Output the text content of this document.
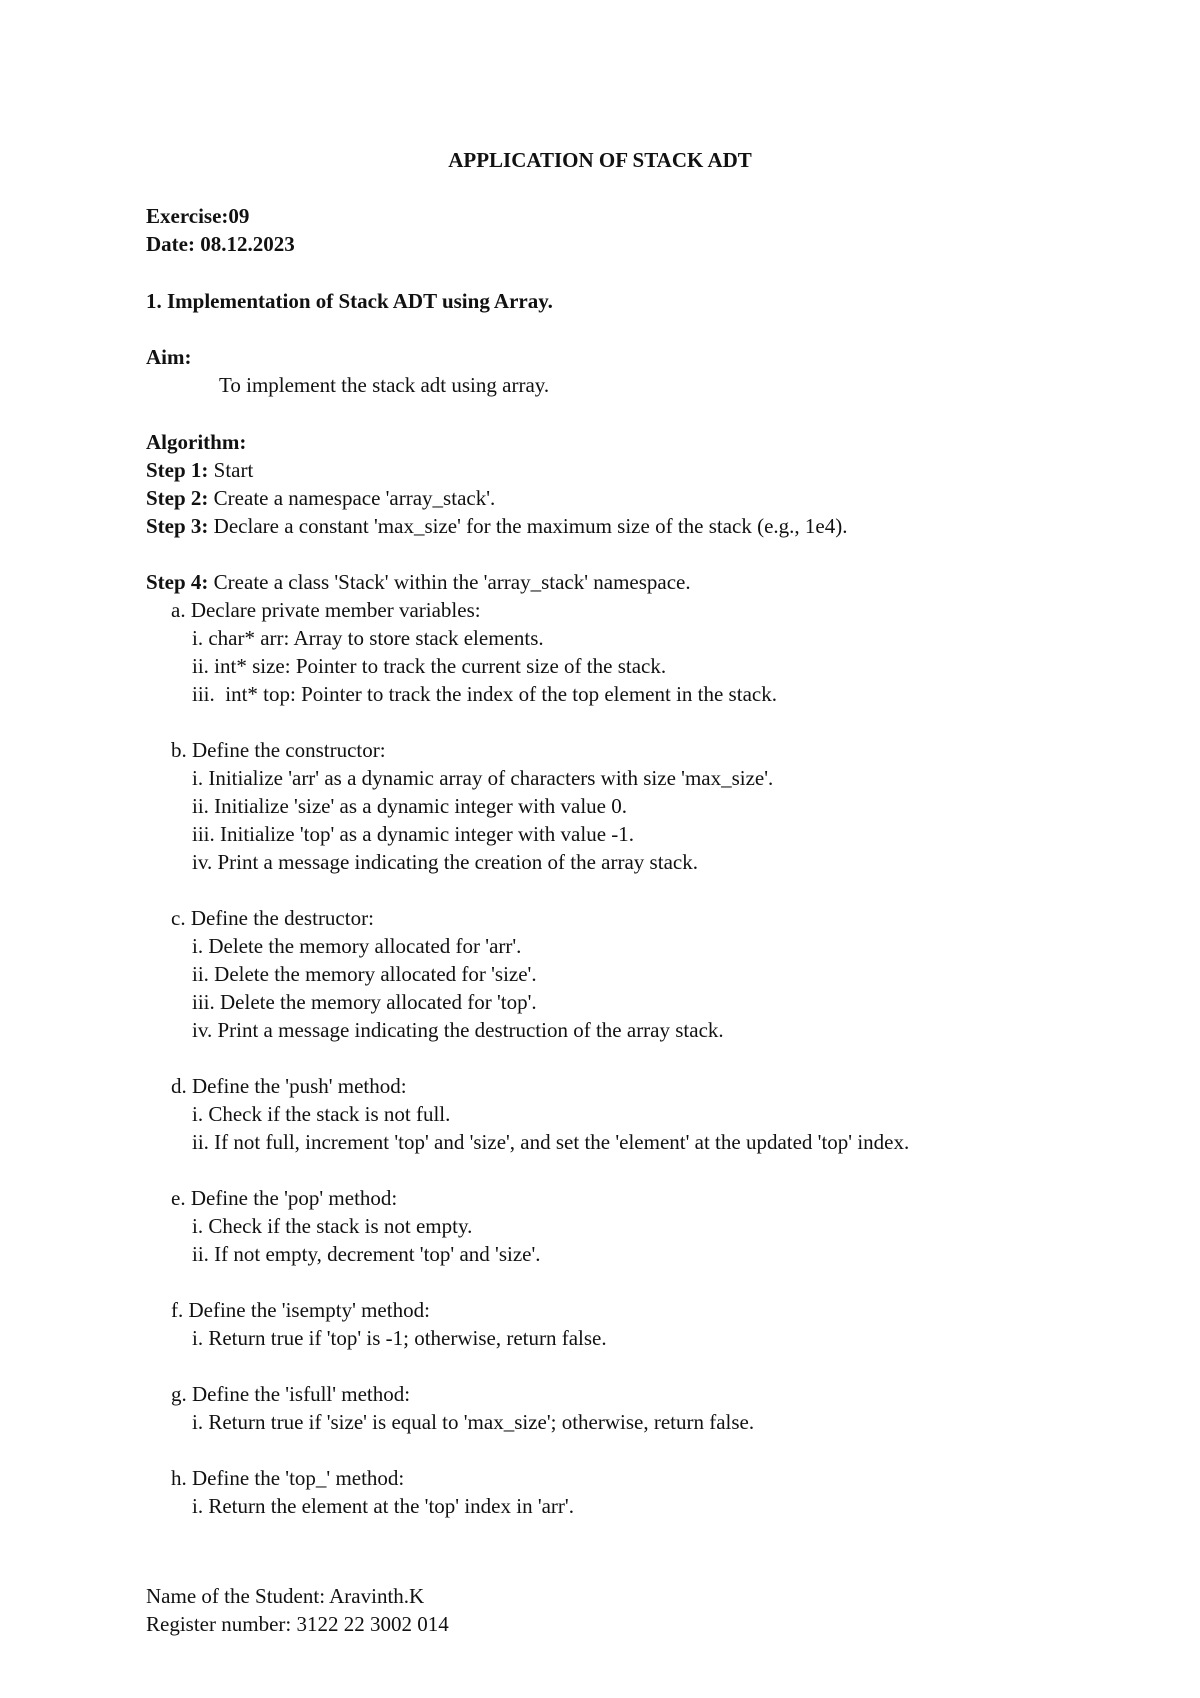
APPLICATION OF STACK ADT
Exercise:09
Date: 08.12.2023
1. Implementation of Stack ADT using Array.
Aim:
To implement the stack adt using array.
Algorithm:
Step 1: Start
Step 2: Create a namespace 'array_stack'.
Step 3: Declare a constant 'max_size' for the maximum size of the stack (e.g., 1e4).
Step 4: Create a class 'Stack' within the 'array_stack' namespace.
a. Declare private member variables:
i. char* arr: Array to store stack elements.
ii. int* size: Pointer to track the current size of the stack.
iii.  int* top: Pointer to track the index of the top element in the stack.
b. Define the constructor:
i. Initialize 'arr' as a dynamic array of characters with size 'max_size'.
ii. Initialize 'size' as a dynamic integer with value 0.
iii. Initialize 'top' as a dynamic integer with value -1.
iv. Print a message indicating the creation of the array stack.
c. Define the destructor:
i. Delete the memory allocated for 'arr'.
ii. Delete the memory allocated for 'size'.
iii. Delete the memory allocated for 'top'.
iv. Print a message indicating the destruction of the array stack.
d. Define the 'push' method:
i. Check if the stack is not full.
ii. If not full, increment 'top' and 'size', and set the 'element' at the updated 'top' index.
e. Define the 'pop' method:
i. Check if the stack is not empty.
ii. If not empty, decrement 'top' and 'size'.
f. Define the 'isempty' method:
i. Return true if 'top' is -1; otherwise, return false.
g. Define the 'isfull' method:
i. Return true if 'size' is equal to 'max_size'; otherwise, return false.
h. Define the 'top_' method:
i. Return the element at the 'top' index in 'arr'.
Name of the Student: Aravinth.K
Register number: 3122 22 3002 014
